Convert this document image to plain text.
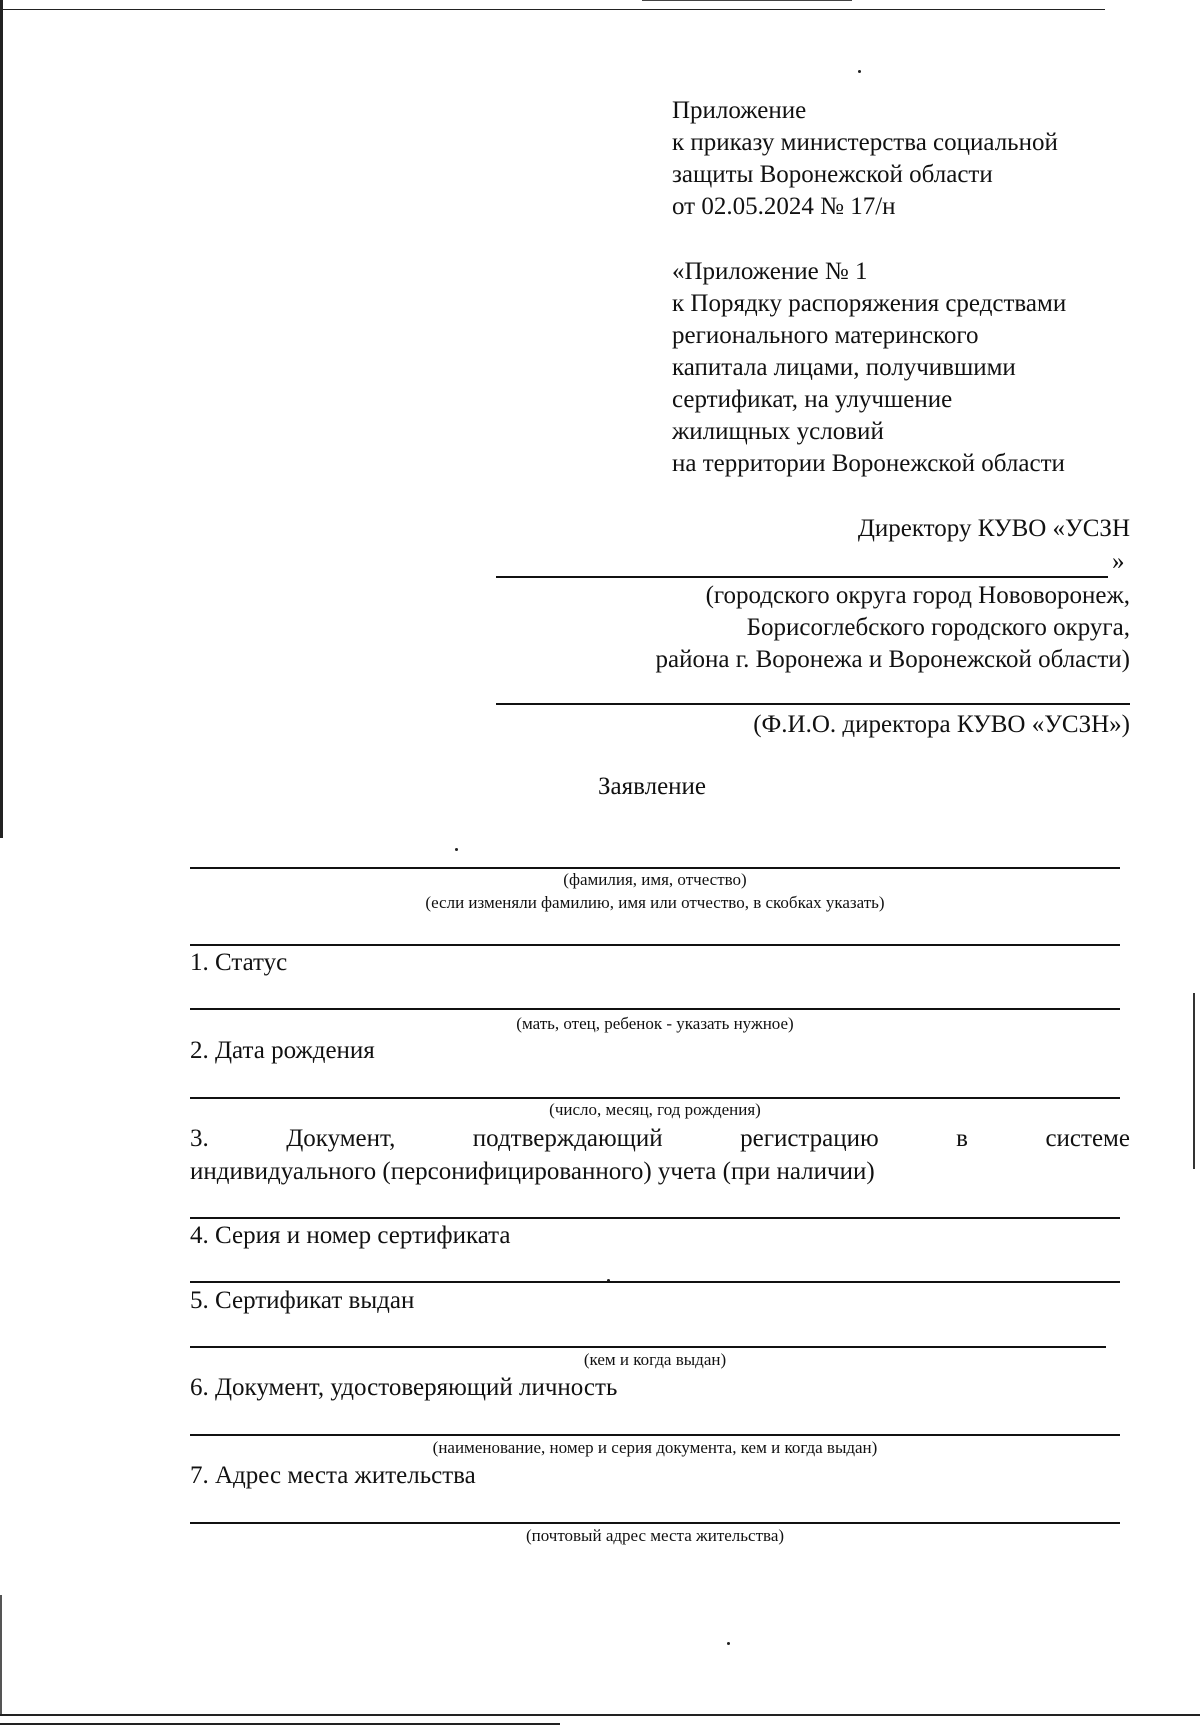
Приложение
к приказу министерства социальной
защиты Воронежской области
от 02.05.2024 № 17/н
«Приложение № 1
к Порядку распоряжения средствами
регионального материнского
капитала лицами, получившими
сертификат, на улучшение
жилищных условий
на территории Воронежской области
Директору КУВО «УСЗН
»
(городского округа город Нововоронеж,
Борисоглебского городского округа,
района г. Воронежа и Воронежской области)
(Ф.И.О. директора КУВО «УСЗН»)
Заявление
(фамилия, имя, отчество)
(если изменяли фамилию, имя или отчество, в скобках указать)
1. Статус
(мать, отец, ребенок - указать нужное)
2. Дата рождения
(число, месяц, год рождения)
3.	Документ,	подтверждающий	регистрацию	в	системе
индивидуального (персонифицированного) учета (при наличии)
4. Серия и номер сертификата
5. Сертификат выдан
(кем и когда выдан)
6. Документ, удостоверяющий личность
(наименование, номер и серия документа, кем и когда выдан)
7. Адрес места жительства
(почтовый адрес места жительства)
